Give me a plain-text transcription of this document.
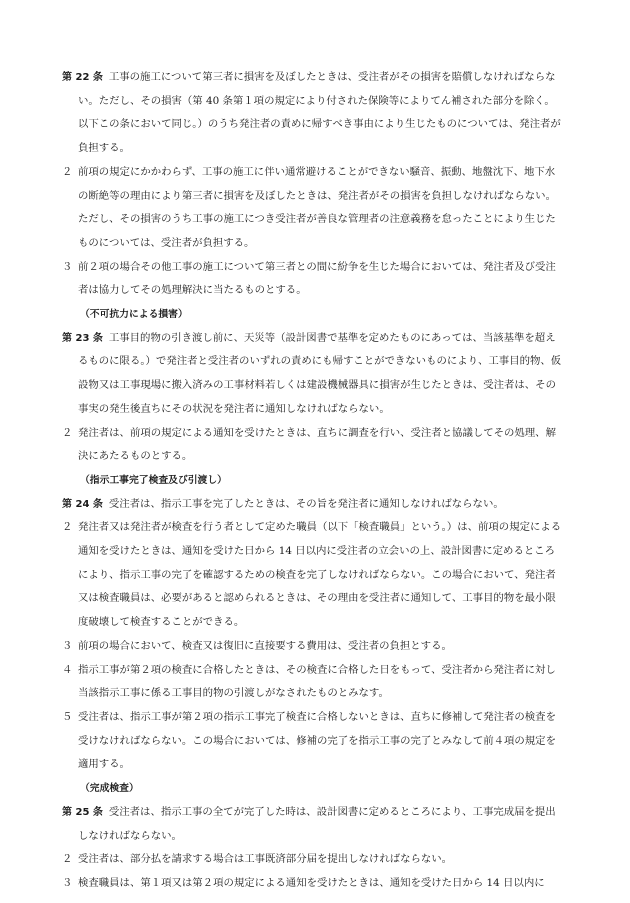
第 22 条 工事の施工について第三者に損害を及ぼしたときは、受注者がその損害を賠償しなければならない。ただし、その損害（第 40 条第１項の規定により付された保険等によりてん補された部分を除く。以下この条において同じ。）のうち発注者の責めに帰すべき事由により生じたものについては、発注者が負担する。

２ 前項の規定にかかわらず、工事の施工に伴い通常避けることができない騒音、振動、地盤沈下、地下水の断絶等の理由により第三者に損害を及ぼしたときは、発注者がその損害を負担しなければならない。ただし、その損害のうち工事の施工につき受注者が善良な管理者の注意義務を怠ったことにより生じたものについては、受注者が負担する。

３ 前２項の場合その他工事の施工について第三者との間に紛争を生じた場合においては、発注者及び受注者は協力してその処理解決に当たるものとする。

（不可抗力による損害）

第 23 条 工事目的物の引き渡し前に、天災等（設計図書で基準を定めたものにあっては、当該基準を超えるものに限る。）で発注者と受注者のいずれの責めにも帰すことができないものにより、工事目的物、仮設物又は工事現場に搬入済みの工事材料若しくは建設機械器具に損害が生じたときは、受注者は、その事実の発生後直ちにその状況を発注者に通知しなければならない。

２ 発注者は、前項の規定による通知を受けたときは、直ちに調査を行い、受注者と協議してその処理、解決にあたるものとする。

（指示工事完了検査及び引渡し）

第 24 条 受注者は、指示工事を完了したときは、その旨を発注者に通知しなければならない。

２ 発注者又は発注者が検査を行う者として定めた職員（以下「検査職員」という。）は、前項の規定による通知を受けたときは、通知を受けた日から 14 日以内に受注者の立会いの上、設計図書に定めるところにより、指示工事の完了を確認するための検査を完了しなければならない。この場合において、発注者又は検査職員は、必要があると認められるときは、その理由を受注者に通知して、工事目的物を最小限度破壊して検査することができる。

３ 前項の場合において、検査又は復旧に直接要する費用は、受注者の負担とする。

４ 指示工事が第２項の検査に合格したときは、その検査に合格した日をもって、受注者から発注者に対し当該指示工事に係る工事目的物の引渡しがなされたものとみなす。

５ 受注者は、指示工事が第２項の指示工事完了検査に合格しないときは、直ちに修補して発注者の検査を受けなければならない。この場合においては、修補の完了を指示工事の完了とみなして前４項の規定を適用する。

（完成検査）

第 25 条 受注者は、指示工事の全てが完了した時は、設計図書に定めるところにより、工事完成届を提出しなければならない。

２ 受注者は、部分払を請求する場合は工事既済部分届を提出しなければならない。

３ 検査職員は、第１項又は第２項の規定による通知を受けたときは、通知を受けた日から 14 日以内に
